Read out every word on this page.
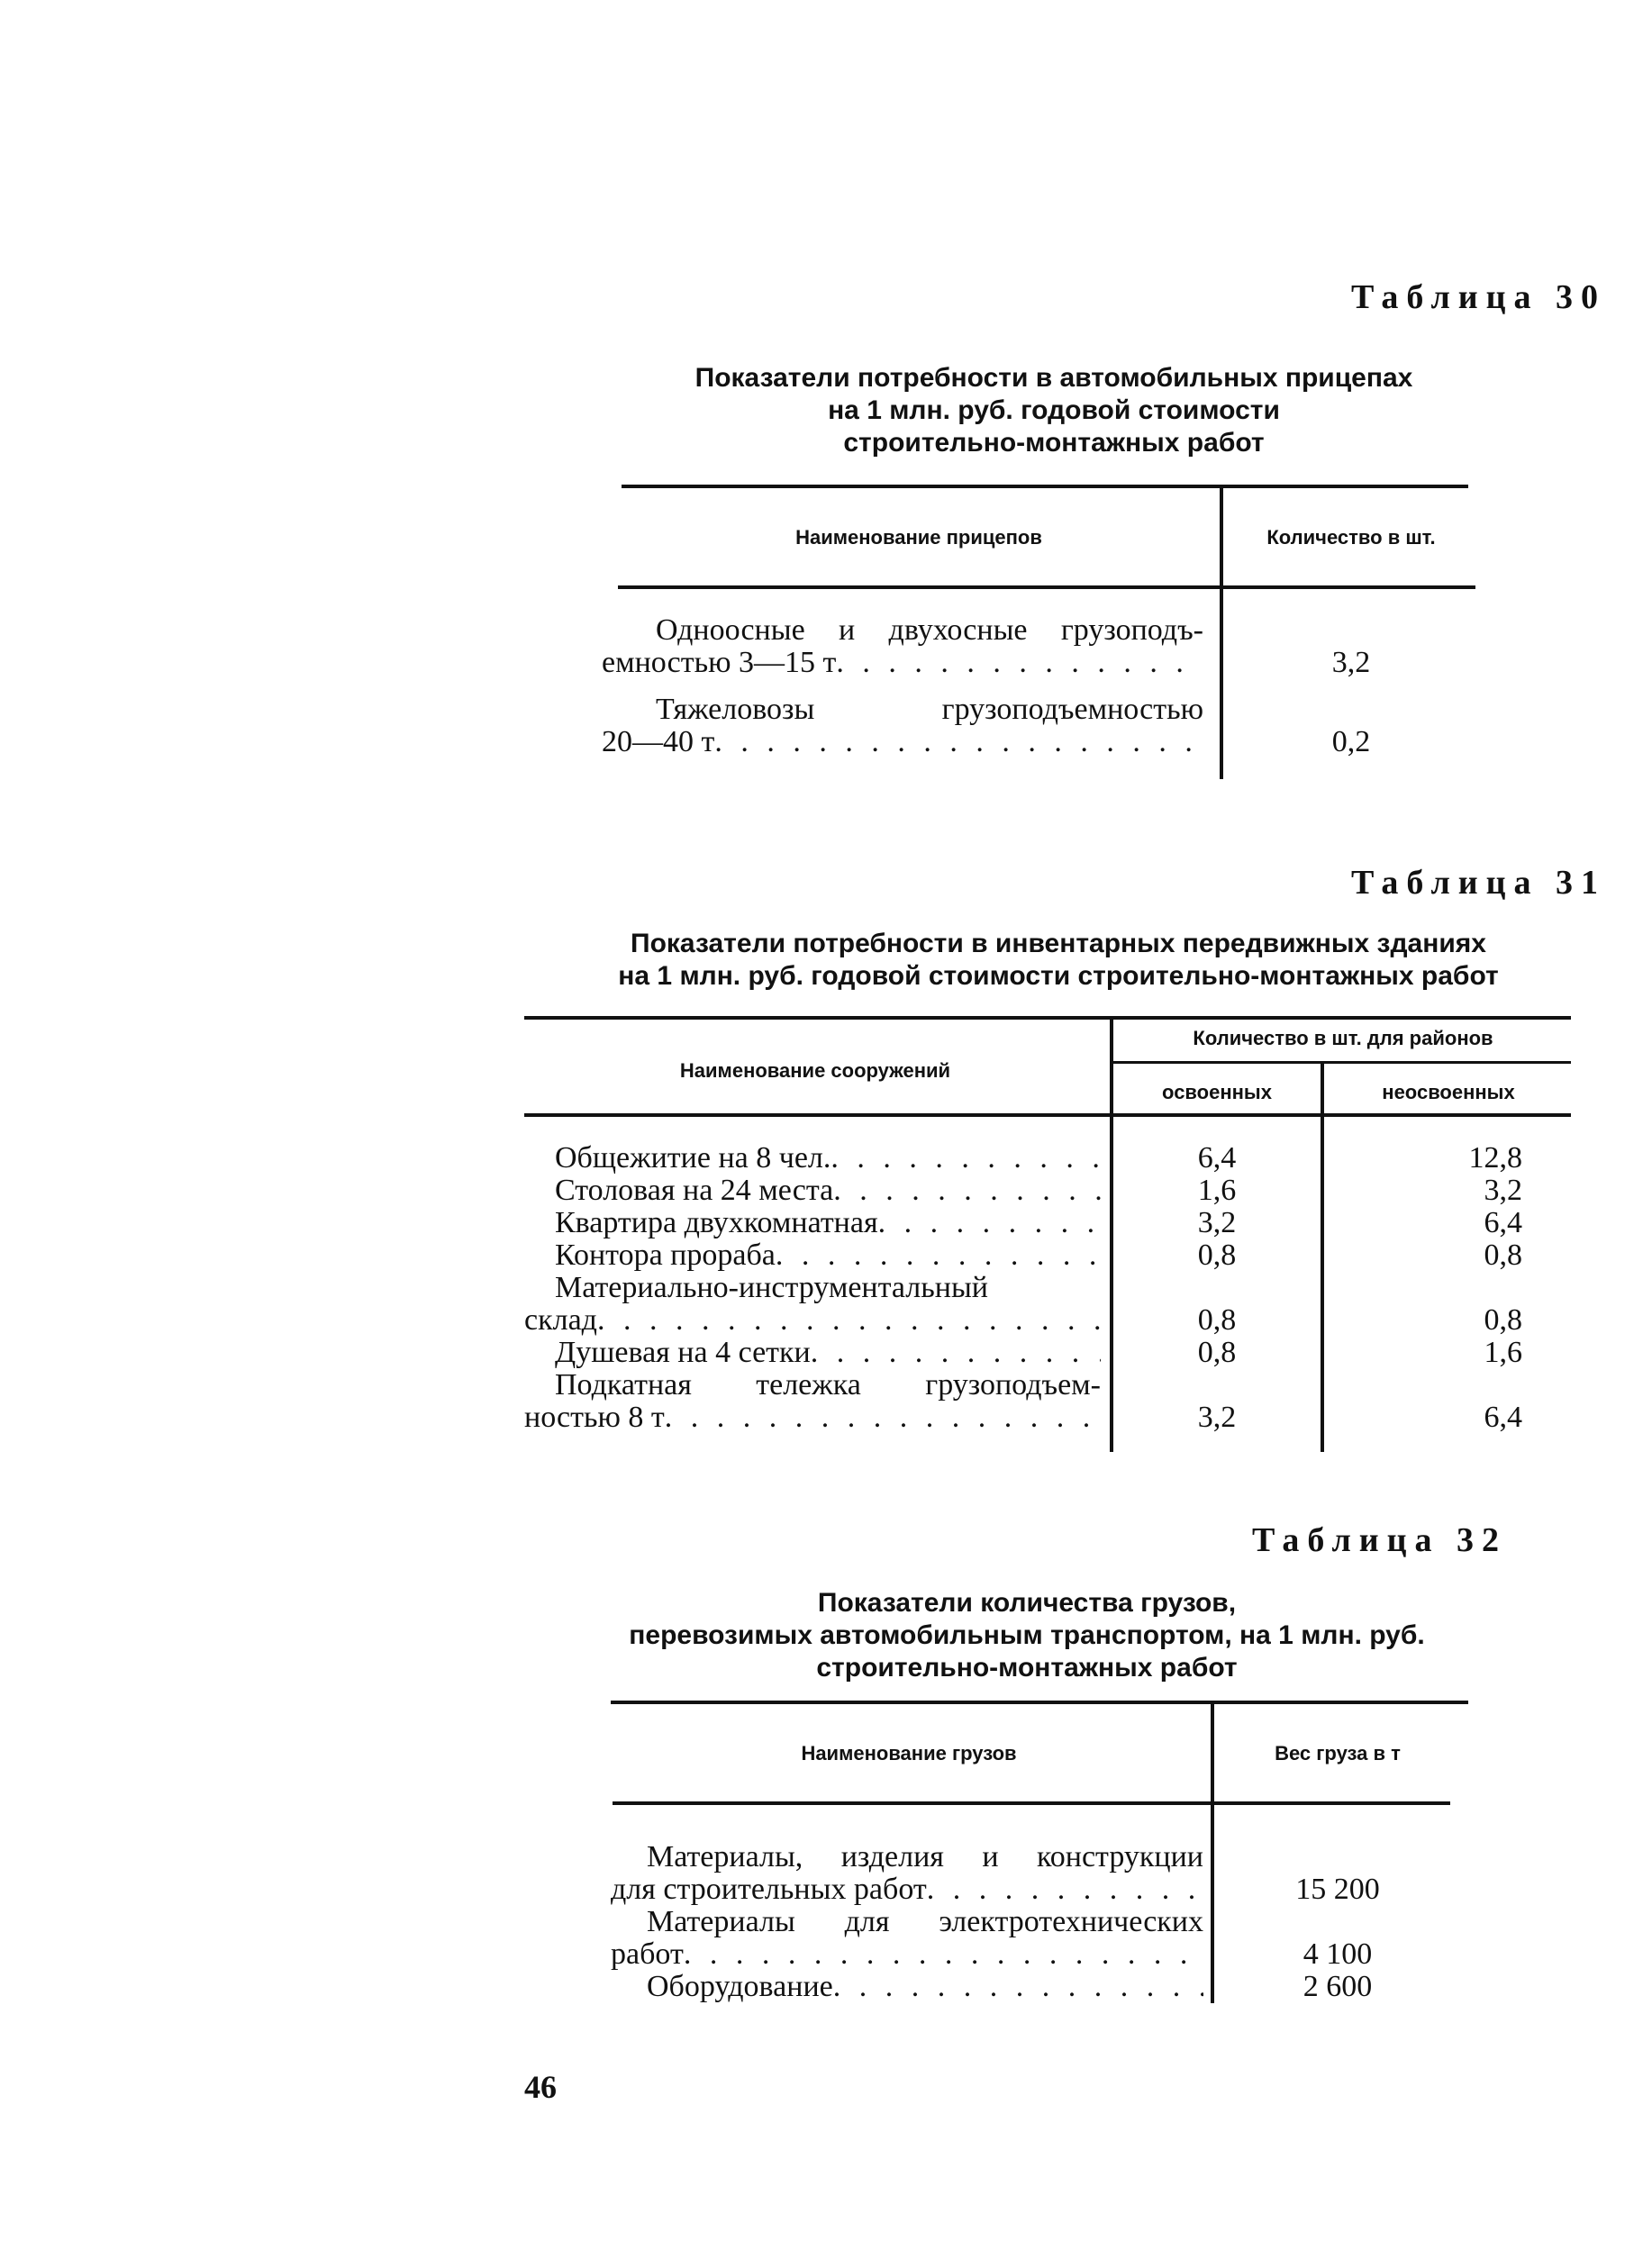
Таблица 30
Показатели потребности в автомобильных прицепах
на 1 млн. руб. годовой стоимости
строительно-монтажных работ
Наименование прицепов	Количество в шт.
Одноосные и двухосные грузоподъ-
емностью 3—15 т . . .	3,2
Тяжеловозы грузоподъемностью
20—40 т . . .	0,2
Таблица 31
Показатели потребности в инвентарных передвижных зданиях
на 1 млн. руб. годовой стоимости строительно-монтажных работ
Наименование сооружений
Количество в шт. для районов
освоенных	неосвоенных
Общежитие на 8 чел. . . .	6,4	12,8
Столовая на 24 места . . .	1,6	3,2
Квартира двухкомнатная . . .	3,2	6,4
Контора прораба . . .	0,8	0,8
Материально-инструментальный
склад . . .	0,8	0,8
Душевая на 4 сетки . . .	0,8	1,6
Подкатная тележка грузоподъем-
ностью 8 т . . .	3,2	6,4
Таблица 32
Показатели количества грузов,
перевозимых автомобильным транспортом, на 1 млн. руб.
строительно-монтажных работ
Наименование грузов	Вес груза в т
Материалы, изделия и конструкции
для строительных работ . . .	15 200
Материалы для электротехнических
работ . . .	4 100
Оборудование . . .	2 600
46
